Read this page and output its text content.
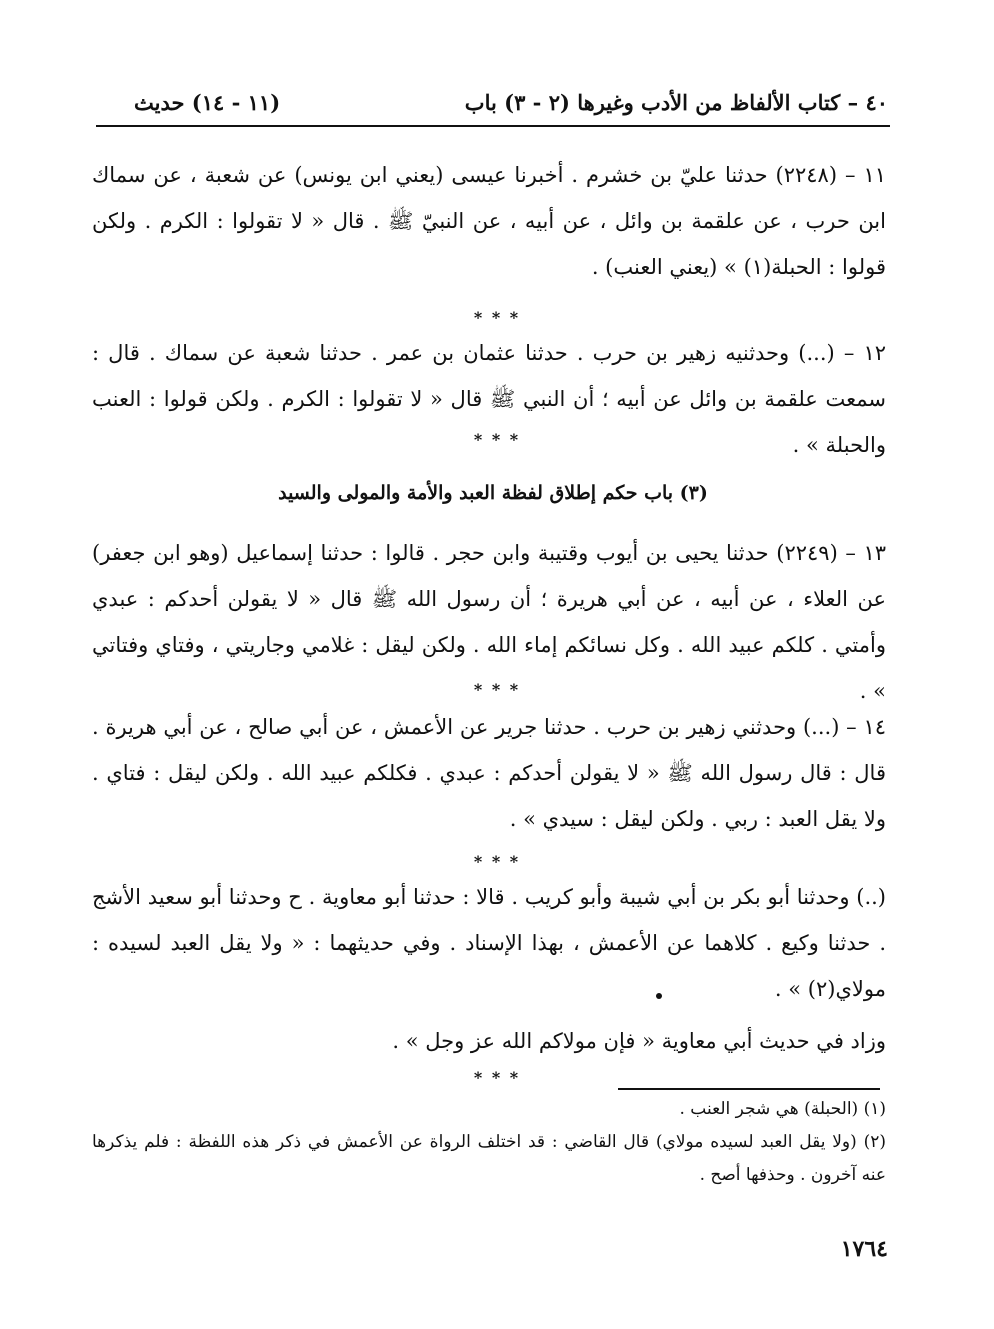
٤٠ – كتاب الألفاظ من الأدب وغيرها (٢ - ٣) باب
(١١ - ١٤) حديث
١١ – (٢٢٤٨) حدثنا عليّ بن خشرم . أخبرنا عيسى (يعني ابن يونس) عن شعبة ، عن سماك ابن حرب ، عن علقمة بن وائل ، عن أبيه ، عن النبيّ ﷺ . قال « لا تقولوا : الكرم . ولكن قولوا : الحبلة(١) » (يعني العنب) .
* * *
١٢ – (...) وحدثنيه زهير بن حرب . حدثنا عثمان بن عمر . حدثنا شعبة عن سماك . قال : سمعت علقمة بن وائل عن أبيه ؛ أن النبي ﷺ قال « لا تقولوا : الكرم . ولكن قولوا : العنب والحبلة » .
* * *
(٣) باب حكم إطلاق لفظة العبد والأمة والمولى والسيد
١٣ – (٢٢٤٩) حدثنا يحيى بن أيوب وقتيبة وابن حجر . قالوا : حدثنا إسماعيل (وهو ابن جعفر) عن العلاء ، عن أبيه ، عن أبي هريرة ؛ أن رسول الله ﷺ قال « لا يقولن أحدكم : عبدي وأمتي . كلكم عبيد الله . وكل نسائكم إماء الله . ولكن ليقل : غلامي وجاريتي ، وفتاي وفتاتي » .
* * *
١٤ – (...) وحدثني زهير بن حرب . حدثنا جرير عن الأعمش ، عن أبي صالح ، عن أبي هريرة . قال : قال رسول الله ﷺ « لا يقولن أحدكم : عبدي . فكلكم عبيد الله . ولكن ليقل : فتاي . ولا يقل العبد : ربي . ولكن ليقل : سيدي » .
* * *
(..) وحدثنا أبو بكر بن أبي شيبة وأبو كريب . قالا : حدثنا أبو معاوية . ح وحدثنا أبو سعيد الأشج . حدثنا وكيع . كلاهما عن الأعمش ، بهذا الإسناد . وفي حديثهما : « ولا يقل العبد لسيده : مولاي(٢) » .
وزاد في حديث أبي معاوية « فإن مولاكم الله عز وجل » .
* * *

(١) (الحبلة) هي شجر العنب .

(٢) (ولا يقل العبد لسيده مولاي) قال القاضي : قد اختلف الرواة عن الأعمش في ذكر هذه اللفظة : فلم يذكرها عنه آخرون . وحذفها أصح .

١٧٦٤
